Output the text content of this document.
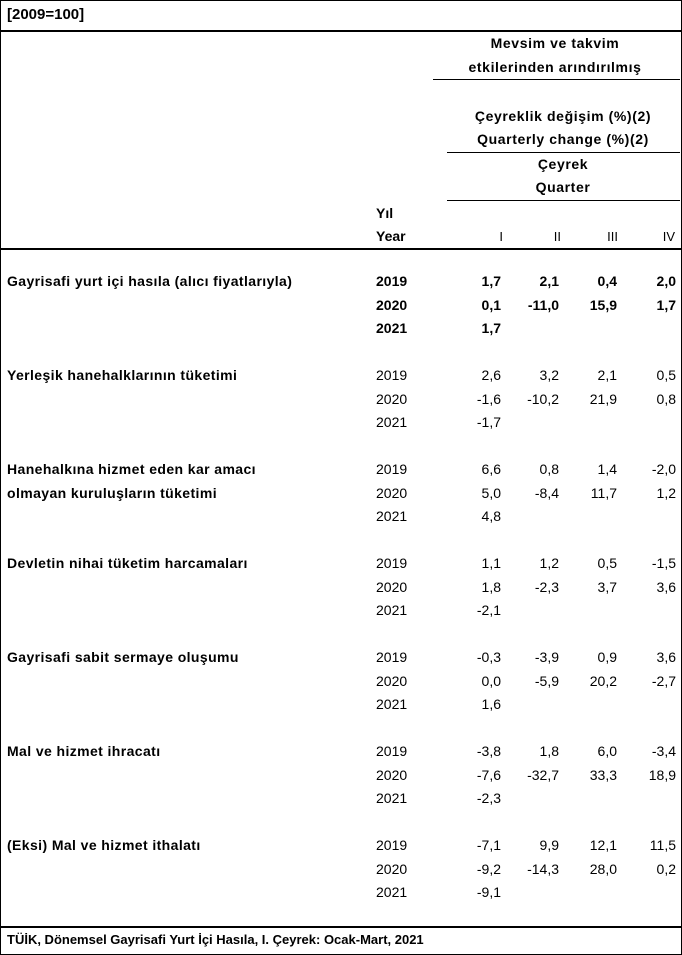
[2009=100]
Mevsim ve takvim
etkilerinden arındırılmış
Çeyreklik değişim (%)(2)
Quarterly change (%)(2)
Çeyrek
Quarter
Yıl
Year	I	II	III	IV
Gayrisafi yurt içi hasıla (alıcı fiyatlarıyla)	2019	1,7	2,1	0,4	2,0
2020	0,1	-11,0	15,9	1,7
2021	1,7
Yerleşik hanehalklarının tüketimi	2019	2,6	3,2	2,1	0,5
2020	-1,6	-10,2	21,9	0,8
2021	-1,7
Hanehalkına hizmet eden kar amacı
olmayan kuruluşların tüketimi
2019	6,6	0,8	1,4	-2,0
2020	5,0	-8,4	11,7	1,2
2021	4,8
Devletin nihai tüketim harcamaları	2019	1,1	1,2	0,5	-1,5
2020	1,8	-2,3	3,7	3,6
2021	-2,1
Gayrisafi sabit sermaye oluşumu	2019	-0,3	-3,9	0,9	3,6
2020	0,0	-5,9	20,2	-2,7
2021	1,6
Mal ve hizmet ihracatı	2019	-3,8	1,8	6,0	-3,4
2020	-7,6	-32,7	33,3	18,9
2021	-2,3
(Eksi) Mal ve hizmet ithalatı	2019	-7,1	9,9	12,1	11,5
2020	-9,2	-14,3	28,0	0,2
2021	-9,1
TÜİK, Dönemsel Gayrisafi Yurt İçi Hasıla, I. Çeyrek: Ocak-Mart, 2021
